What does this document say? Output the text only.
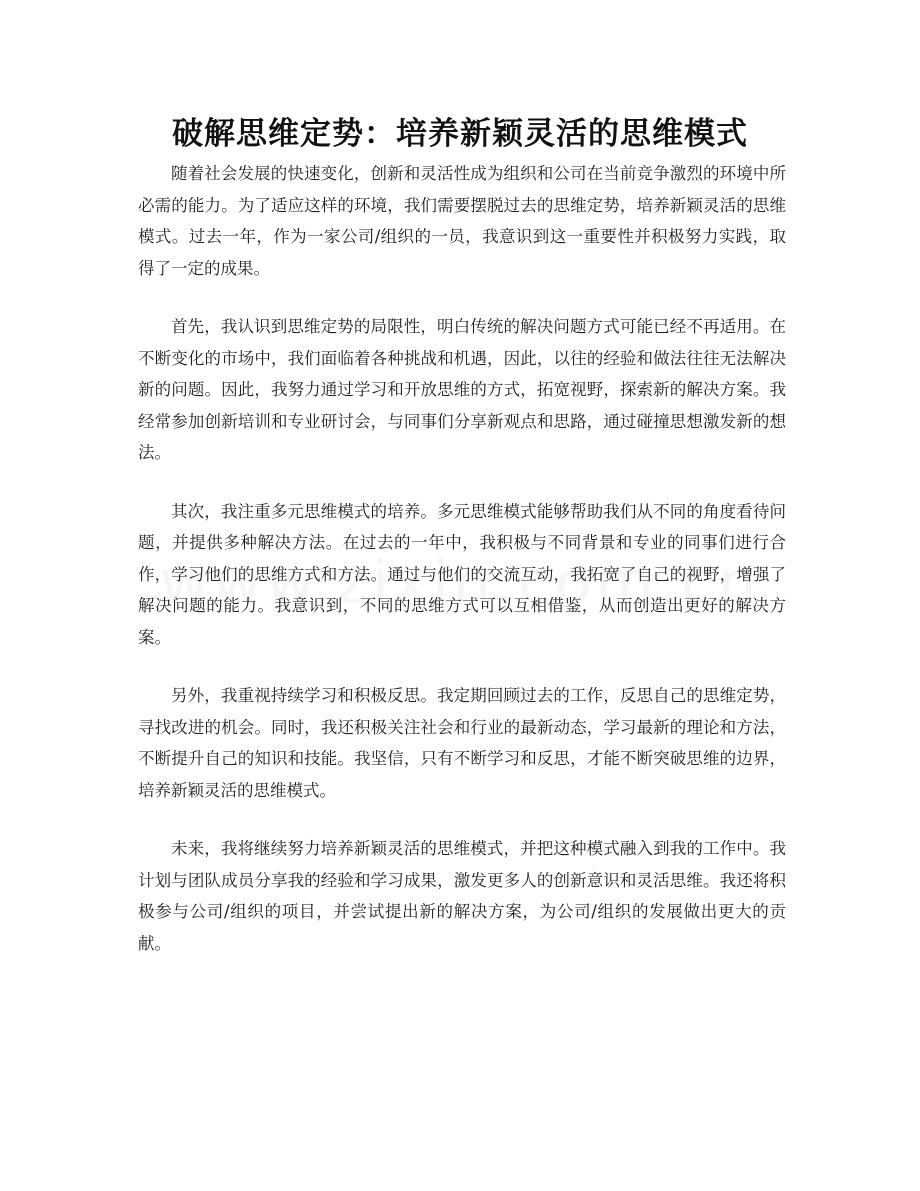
破解思维定势：培养新颖灵活的思维模式

随着社会发展的快速变化，创新和灵活性成为组织和公司在当前竞争激烈的环境中所必需的能力。为了适应这样的环境，我们需要摆脱过去的思维定势，培养新颖灵活的思维模式。过去一年，作为一家公司/组织的一员，我意识到这一重要性并积极努力实践，取得了一定的成果。

首先，我认识到思维定势的局限性，明白传统的解决问题方式可能已经不再适用。在不断变化的市场中，我们面临着各种挑战和机遇，因此，以往的经验和做法往往无法解决新的问题。因此，我努力通过学习和开放思维的方式，拓宽视野，探索新的解决方案。我经常参加创新培训和专业研讨会，与同事们分享新观点和思路，通过碰撞思想激发新的想法。

其次，我注重多元思维模式的培养。多元思维模式能够帮助我们从不同的角度看待问题，并提供多种解决方法。在过去的一年中，我积极与不同背景和专业的同事们进行合作，学习他们的思维方式和方法。通过与他们的交流互动，我拓宽了自己的视野，增强了解决问题的能力。我意识到，不同的思维方式可以互相借鉴，从而创造出更好的解决方案。

另外，我重视持续学习和积极反思。我定期回顾过去的工作，反思自己的思维定势，寻找改进的机会。同时，我还积极关注社会和行业的最新动态，学习最新的理论和方法，不断提升自己的知识和技能。我坚信，只有不断学习和反思，才能不断突破思维的边界，培养新颖灵活的思维模式。

未来，我将继续努力培养新颖灵活的思维模式，并把这种模式融入到我的工作中。我计划与团队成员分享我的经验和学习成果，激发更多人的创新意识和灵活思维。我还将积极参与公司/组织的项目，并尝试提出新的解决方案，为公司/组织的发展做出更大的贡献。
